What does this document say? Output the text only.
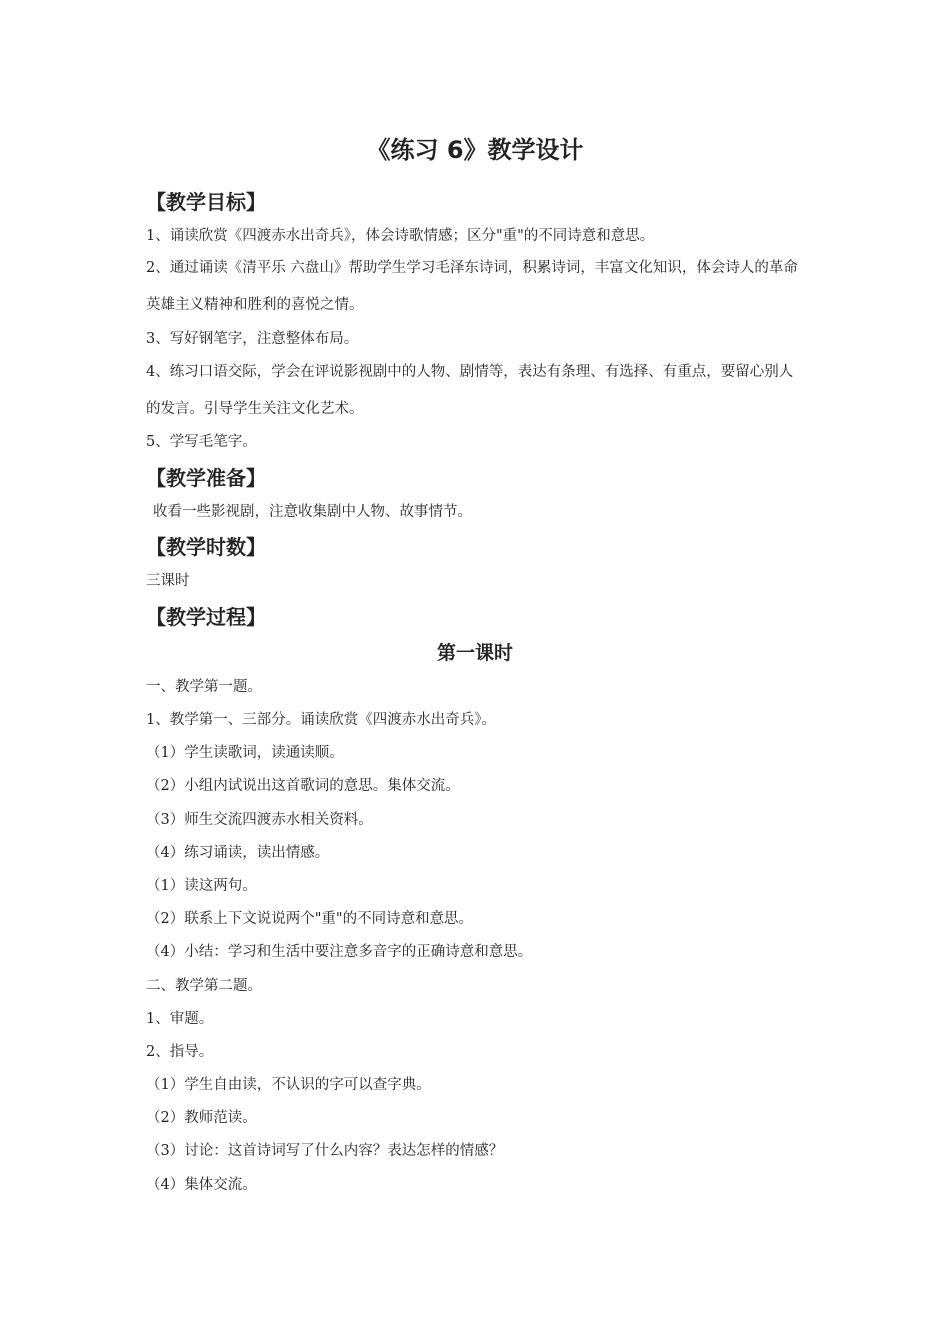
《练习 6》教学设计
【教学目标】
1、诵读欣赏《四渡赤水出奇兵》，体会诗歌情感；区分"重"的不同诗意和意思。
2、通过诵读《清平乐 六盘山》帮助学生学习毛泽东诗词，积累诗词，丰富文化知识，体会诗人的革命英雄主义精神和胜利的喜悦之情。
3、写好钢笔字，注意整体布局。
4、练习口语交际，学会在评说影视剧中的人物、剧情等，表达有条理、有选择、有重点，要留心别人的发言。引导学生关注文化艺术。
5、学写毛笔字。
【教学准备】
收看一些影视剧，注意收集剧中人物、故事情节。
【教学时数】
三课时
【教学过程】
第一课时
一、教学第一题。
1、教学第一、三部分。诵读欣赏《四渡赤水出奇兵》。
（1）学生读歌词，读通读顺。
（2）小组内试说出这首歌词的意思。集体交流。
（3）师生交流四渡赤水相关资料。
（4）练习诵读，读出情感。
（1）读这两句。
（2）联系上下文说说两个"重"的不同诗意和意思。
（4）小结：学习和生活中要注意多音字的正确诗意和意思。
二、教学第二题。
1、审题。
2、指导。
（1）学生自由读，不认识的字可以查字典。
（2）教师范读。
（3）讨论：这首诗词写了什么内容？表达怎样的情感？
（4）集体交流。
